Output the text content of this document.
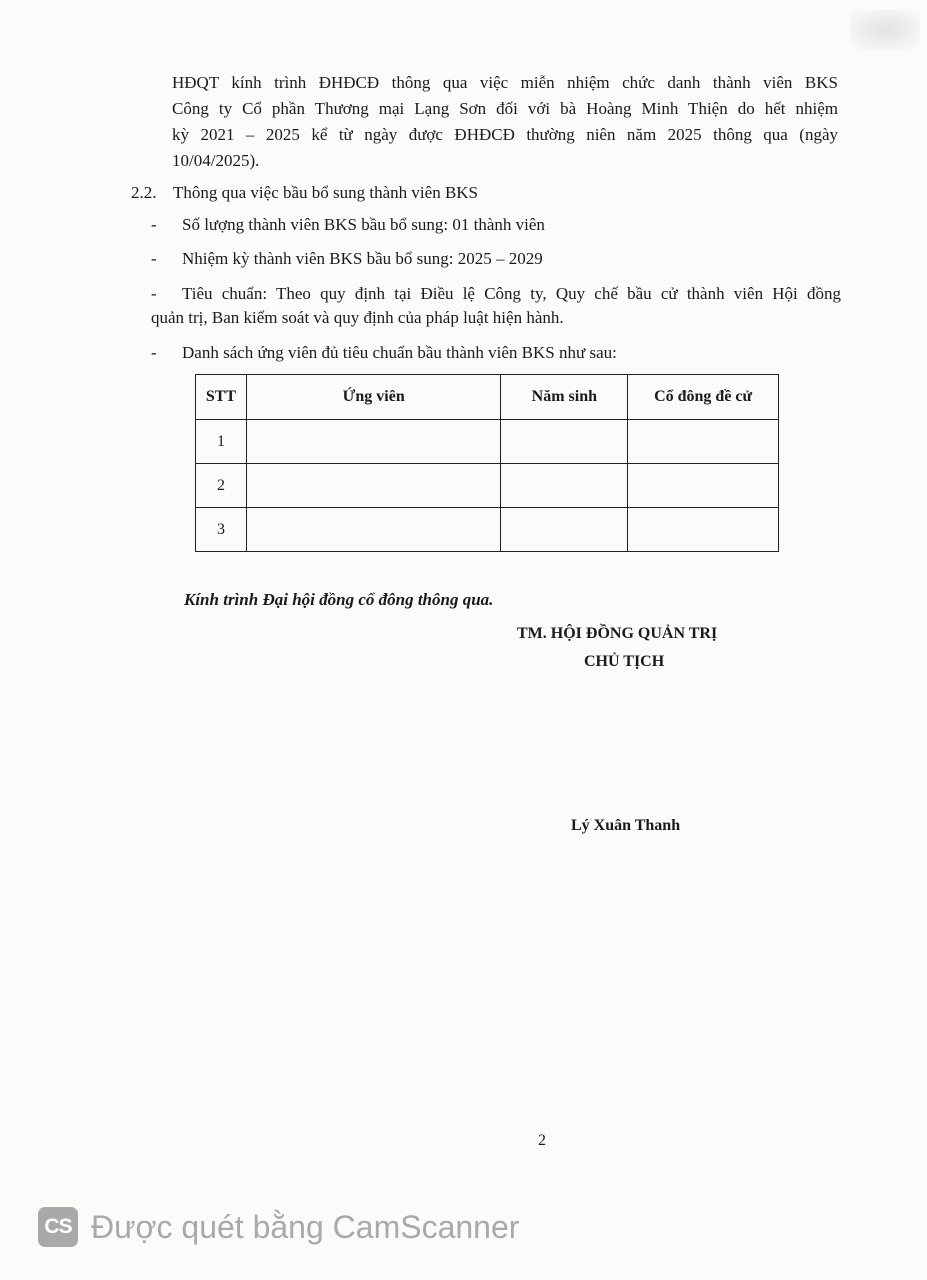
HĐQT kính trình ĐHĐCĐ thông qua việc miễn nhiệm chức danh thành viên BKS
Công ty Cổ phần Thương mại Lạng Sơn đối với bà Hoàng Minh Thiện do hết nhiệm
kỳ 2021 – 2025 kể từ ngày được ĐHĐCĐ thường niên năm 2025 thông qua (ngày
10/04/2025).
2.2. Thông qua việc bầu bổ sung thành viên BKS
- Số lượng thành viên BKS bầu bổ sung: 01 thành viên
- Nhiệm kỳ thành viên BKS bầu bổ sung: 2025 – 2029
- Tiêu chuẩn: Theo quy định tại Điều lệ Công ty, Quy chế bầu cử thành viên Hội đồng
quản trị, Ban kiểm soát và quy định của pháp luật hiện hành.
- Danh sách ứng viên đủ tiêu chuẩn bầu thành viên BKS như sau:
STT	Ứng viên	Năm sinh	Cổ đông đề cử
1			
2			
3			
Kính trình Đại hội đồng cổ đông thông qua.
TM. HỘI ĐỒNG QUẢN TRỊ
CHỦ TỊCH
Lý Xuân Thanh
2
CS Được quét bằng CamScanner
